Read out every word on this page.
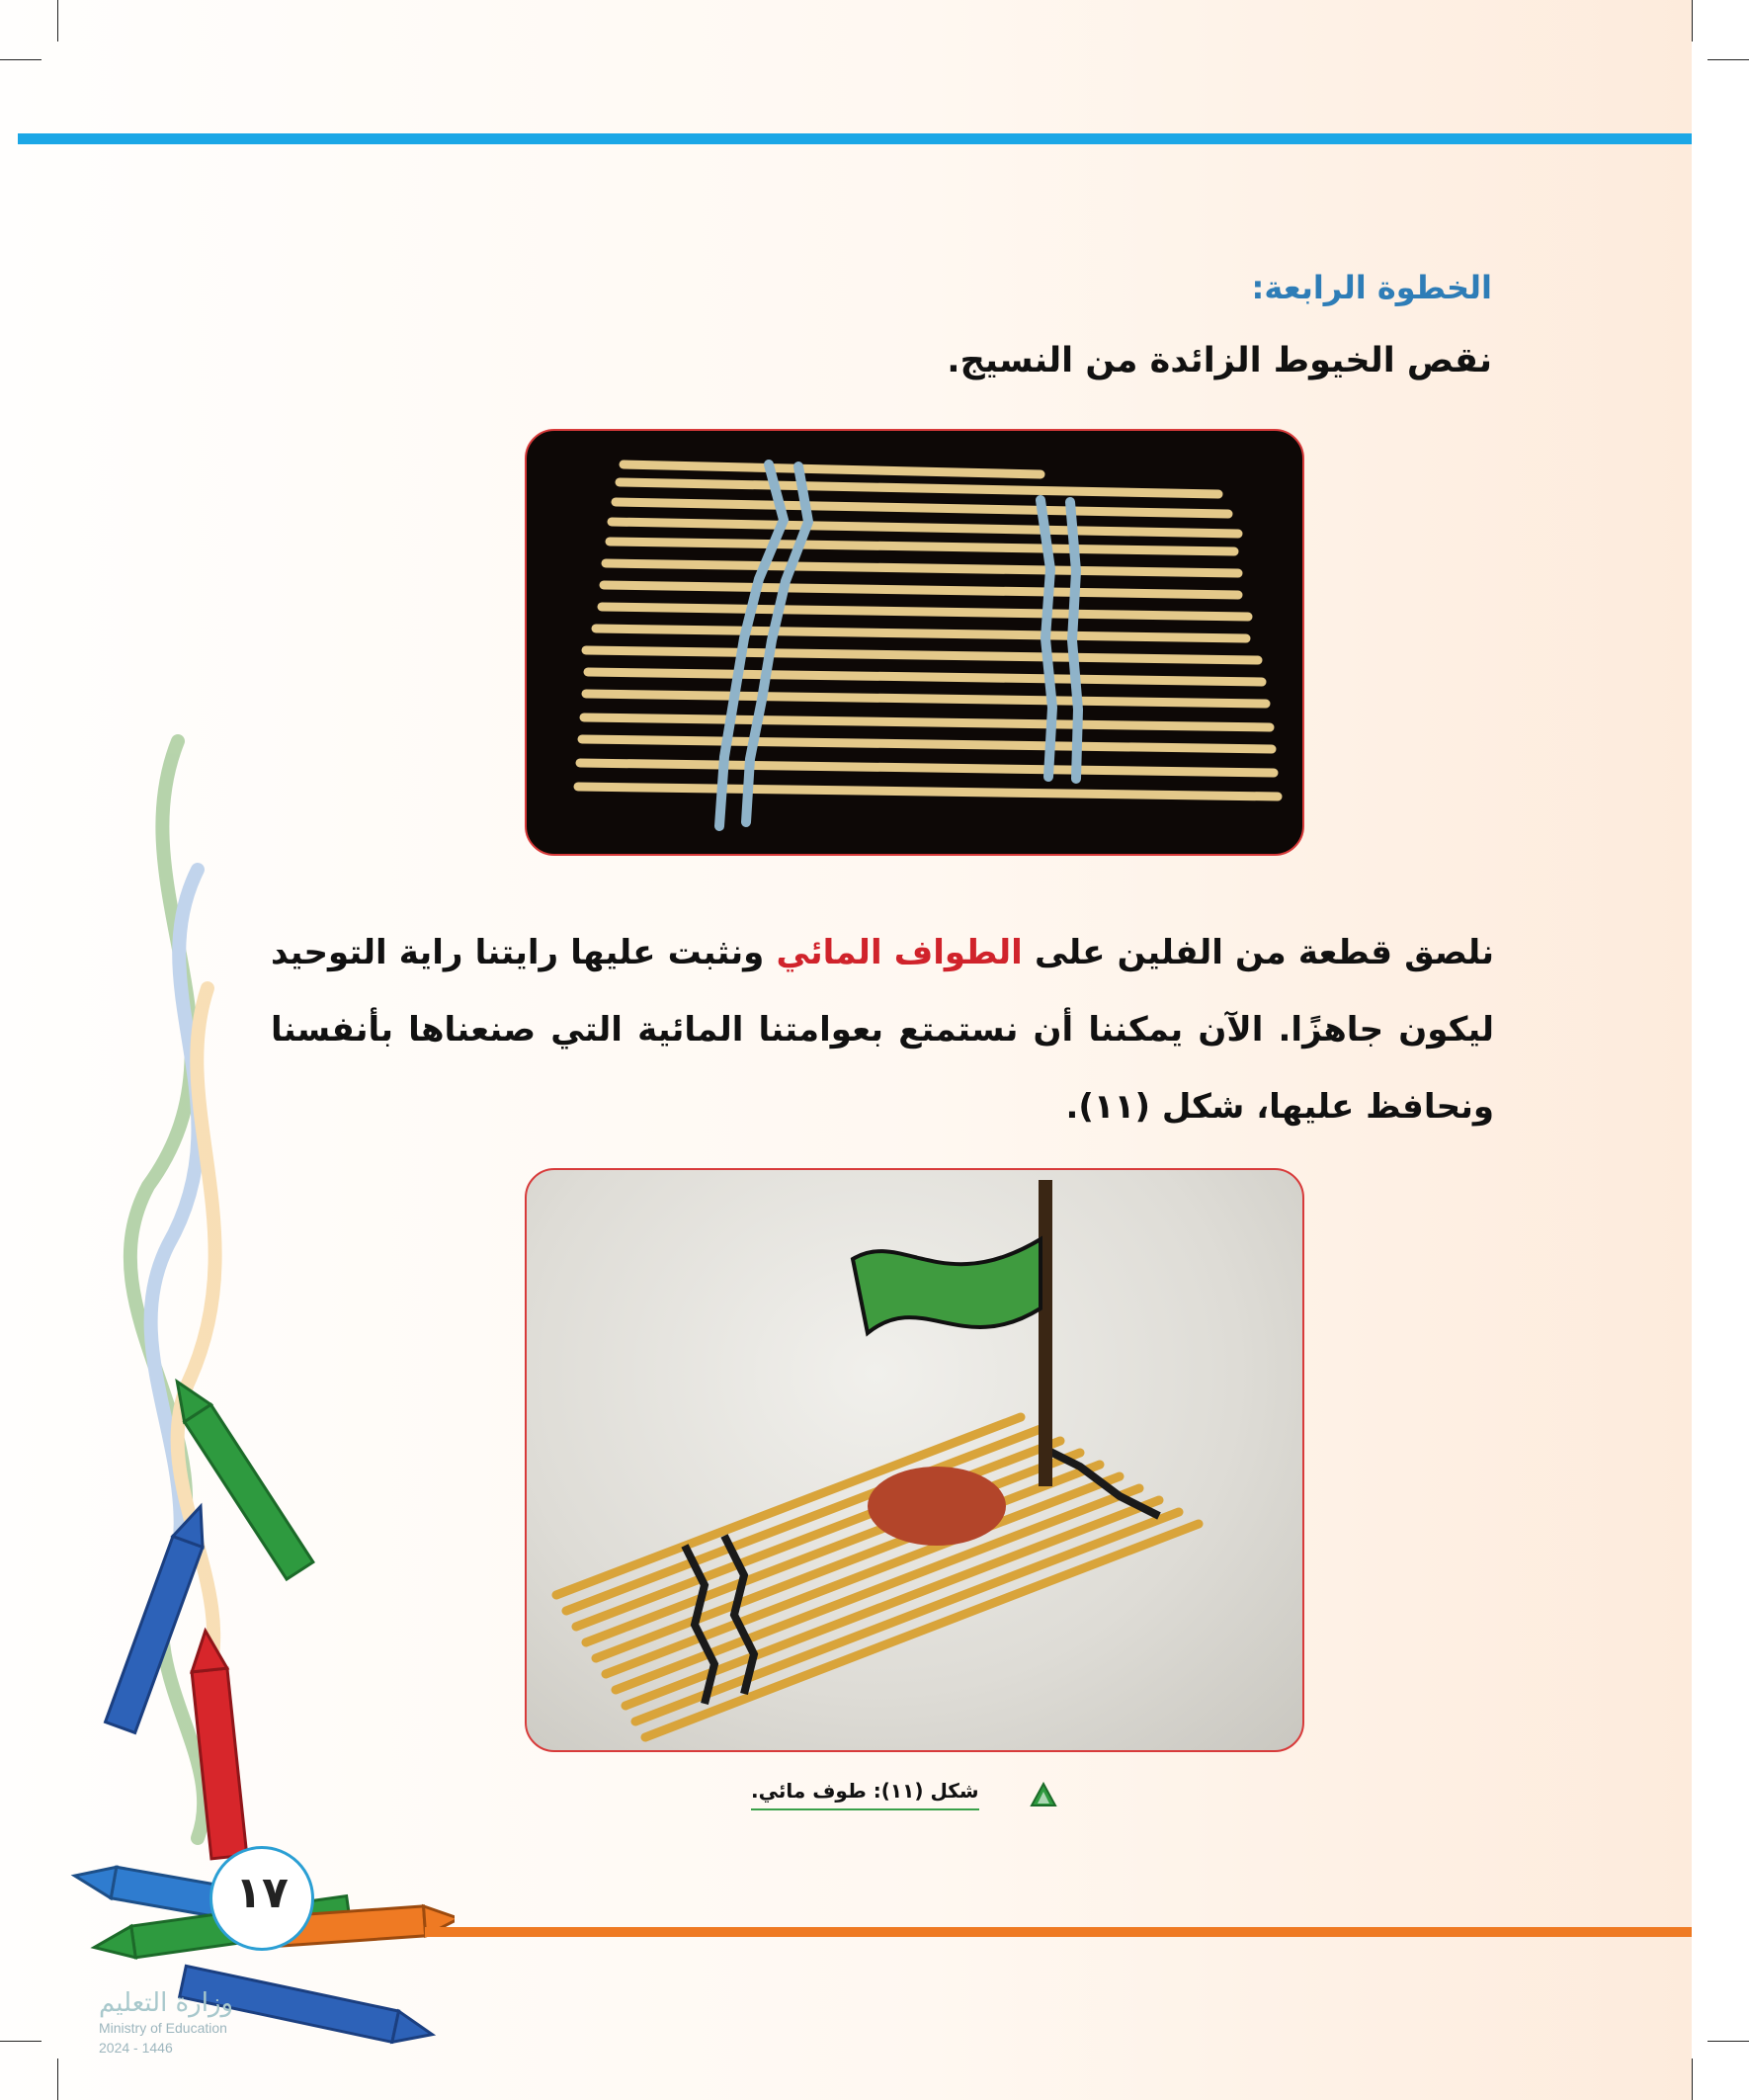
الخطوة الرابعة:
نقص الخيوط الزائدة من النسيج.
نلصق قطعة من الفلين على الطواف المائي ونثبت عليها رايتنا راية التوحيد ليكون جاهزًا. الآن يمكننا أن نستمتع بعوامتنا المائية التي صنعناها بأنفسنا ونحافظ عليها، شكل (١١).
شكل (١١): طوف مائي.
١٧
وزارة التعليم
Ministry of Education
2024 - 1446
